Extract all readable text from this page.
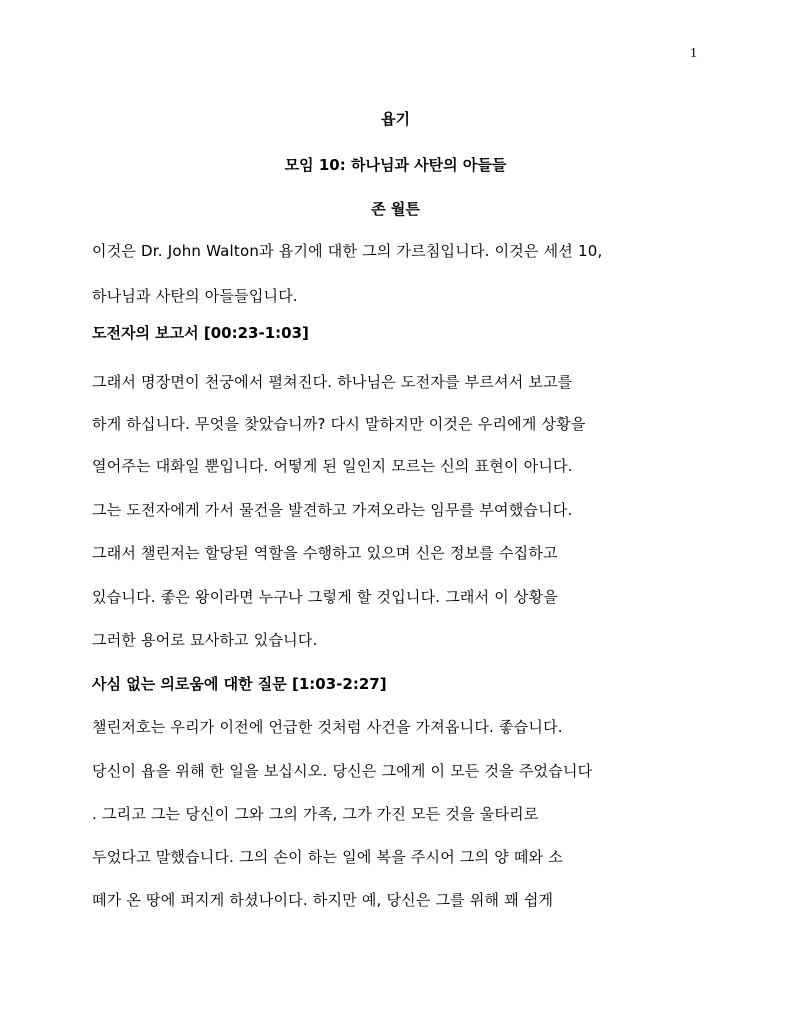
1
욥기
모임 10: 하나님과 사탄의 아들들
존 월튼
이것은 Dr. John Walton과 욥기에 대한 그의 가르침입니다. 이것은 세션 10,
하나님과 사탄의 아들들입니다.
도전자의 보고서 [00:23-1:03]
그래서 명장면이 천궁에서 펼쳐진다. 하나님은 도전자를 부르셔서 보고를
하게 하십니다. 무엇을 찾았습니까? 다시 말하지만 이것은 우리에게 상황을
열어주는 대화일 뿐입니다. 어떻게 된 일인지 모르는 신의 표현이 아니다.
그는 도전자에게 가서 물건을 발견하고 가져오라는 임무를 부여했습니다.
그래서 챌린저는 할당된 역할을 수행하고 있으며 신은 정보를 수집하고
있습니다. 좋은 왕이라면 누구나 그렇게 할 것입니다. 그래서 이 상황을
그러한 용어로 묘사하고 있습니다.
사심 없는 의로움에 대한 질문 [1:03-2:27]
챌린저호는 우리가 이전에 언급한 것처럼 사건을 가져옵니다. 좋습니다.
당신이 욥을 위해 한 일을 보십시오. 당신은 그에게 이 모든 것을 주었습니다
. 그리고 그는 당신이 그와 그의 가족, 그가 가진 모든 것을 울타리로
두었다고 말했습니다. 그의 손이 하는 일에 복을 주시어 그의 양 떼와 소
떼가 온 땅에 퍼지게 하셨나이다. 하지만 예, 당신은 그를 위해 꽤 쉽게
